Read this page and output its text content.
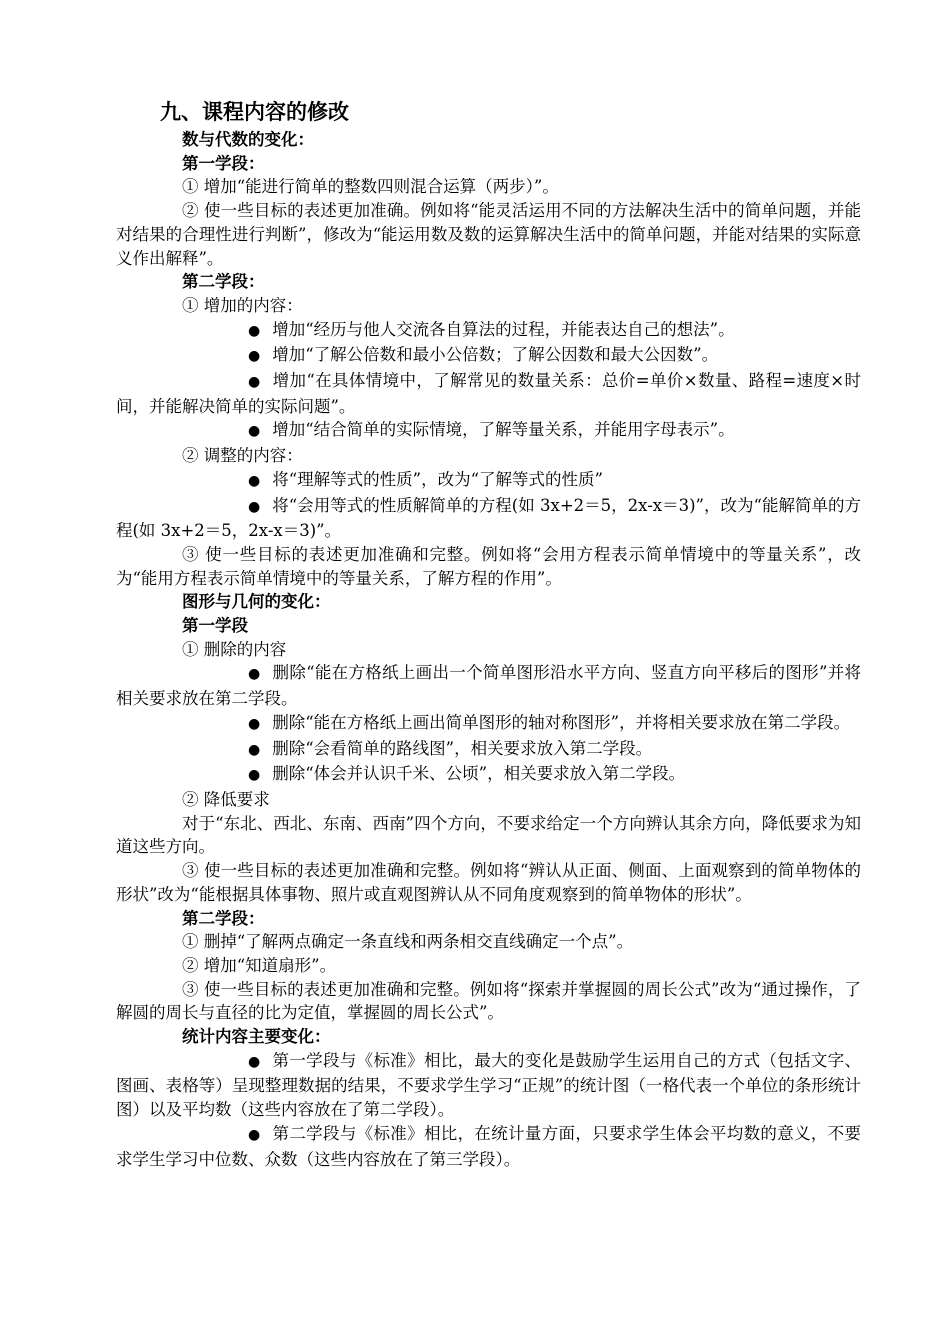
九、课程内容的修改

数与代数的变化：

第一学段：

① 增加“能进行简单的整数四则混合运算（两步）”。

② 使一些目标的表述更加准确。例如将“能灵活运用不同的方法解决生活中的简单问题，并能对结果的合理性进行判断”，修改为“能运用数及数的运算解决生活中的简单问题，并能对结果的实际意义作出解释”。

第二学段：

① 增加的内容：

● 增加“经历与他人交流各自算法的过程，并能表达自己的想法”。

● 增加“了解公倍数和最小公倍数；了解公因数和最大公因数”。

● 增加“在具体情境中，了解常见的数量关系：总价=单价×数量、路程=速度×时间，并能解决简单的实际问题”。

● 增加“结合简单的实际情境，了解等量关系，并能用字母表示”。

② 调整的内容：

● 将“理解等式的性质”，改为“了解等式的性质”

● 将“会用等式的性质解简单的方程(如 3x+2＝5，2x-x＝3)”，改为“能解简单的方程(如 3x+2＝5，2x-x＝3)”。

③ 使一些目标的表述更加准确和完整。例如将“会用方程表示简单情境中的等量关系”，改为“能用方程表示简单情境中的等量关系，了解方程的作用”。

图形与几何的变化：

第一学段

① 删除的内容

● 删除“能在方格纸上画出一个简单图形沿水平方向、竖直方向平移后的图形”并将相关要求放在第二学段。

● 删除“能在方格纸上画出简单图形的轴对称图形”，并将相关要求放在第二学段。

● 删除“会看简单的路线图”，相关要求放入第二学段。

● 删除“体会并认识千米、公顷”，相关要求放入第二学段。

② 降低要求

对于“东北、西北、东南、西南”四个方向，不要求给定一个方向辨认其余方向，降低要求为知道这些方向。

③ 使一些目标的表述更加准确和完整。例如将“辨认从正面、侧面、上面观察到的简单物体的形状”改为“能根据具体事物、照片或直观图辨认从不同角度观察到的简单物体的形状”。

第二学段：

① 删掉“了解两点确定一条直线和两条相交直线确定一个点”。

② 增加“知道扇形”。

③ 使一些目标的表述更加准确和完整。例如将“探索并掌握圆的周长公式”改为“通过操作，了解圆的周长与直径的比为定值，掌握圆的周长公式”。

统计内容主要变化：

● 第一学段与《标准》相比，最大的变化是鼓励学生运用自己的方式（包括文字、图画、表格等）呈现整理数据的结果，不要求学生学习“正规”的统计图（一格代表一个单位的条形统计图）以及平均数（这些内容放在了第二学段）。

● 第二学段与《标准》相比，在统计量方面，只要求学生体会平均数的意义，不要求学生学习中位数、众数（这些内容放在了第三学段）。
